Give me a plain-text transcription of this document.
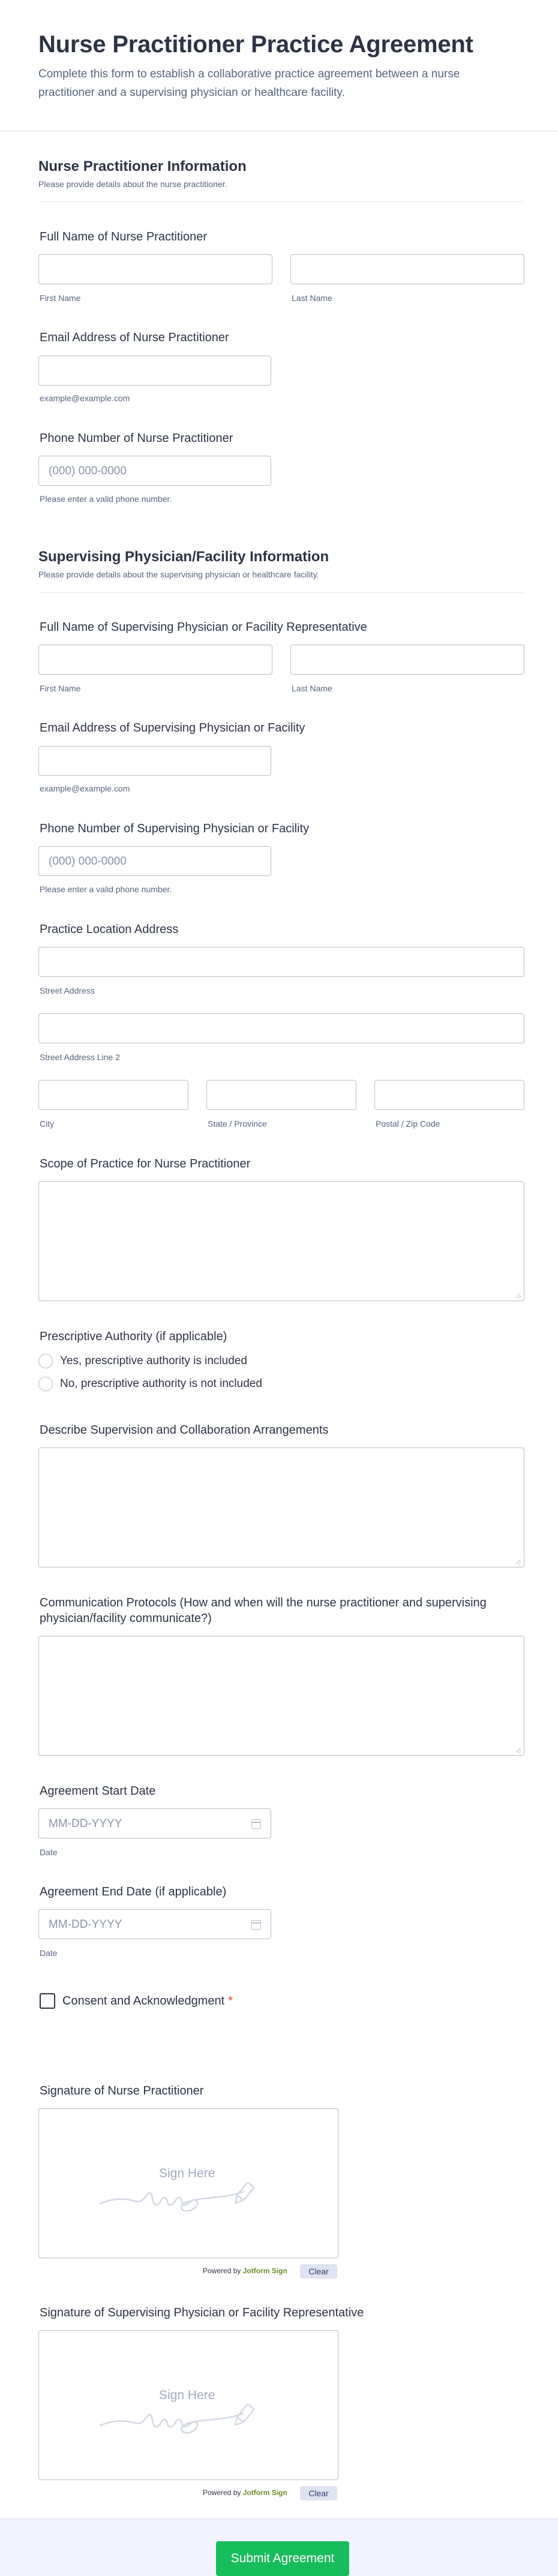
Nurse Practitioner Practice Agreement
Complete this form to establish a collaborative practice agreement between a nurse practitioner and a supervising physician or healthcare facility.
Nurse Practitioner Information
Please provide details about the nurse practitioner.
Full Name of Nurse Practitioner
First Name	Last Name
Email Address of Nurse Practitioner
example@example.com
Phone Number of Nurse Practitioner
(000) 000-0000
Please enter a valid phone number.
Supervising Physician/Facility Information
Please provide details about the supervising physician or healthcare facility.
Full Name of Supervising Physician or Facility Representative
First Name	Last Name
Email Address of Supervising Physician or Facility
example@example.com
Phone Number of Supervising Physician or Facility
(000) 000-0000
Please enter a valid phone number.
Practice Location Address
Street Address
Street Address Line 2
City	State / Province	Postal / Zip Code
Scope of Practice for Nurse Practitioner
Prescriptive Authority (if applicable)
Yes, prescriptive authority is included
No, prescriptive authority is not included
Describe Supervision and Collaboration Arrangements
Communication Protocols (How and when will the nurse practitioner and supervising physician/facility communicate?)
Agreement Start Date
MM-DD-YYYY
Date
Agreement End Date (if applicable)
MM-DD-YYYY
Date
Consent and Acknowledgment *
Signature of Nurse Practitioner
Sign Here
Powered by Jotform Sign	Clear
Signature of Supervising Physician or Facility Representative
Sign Here
Powered by Jotform Sign	Clear
Submit Agreement
